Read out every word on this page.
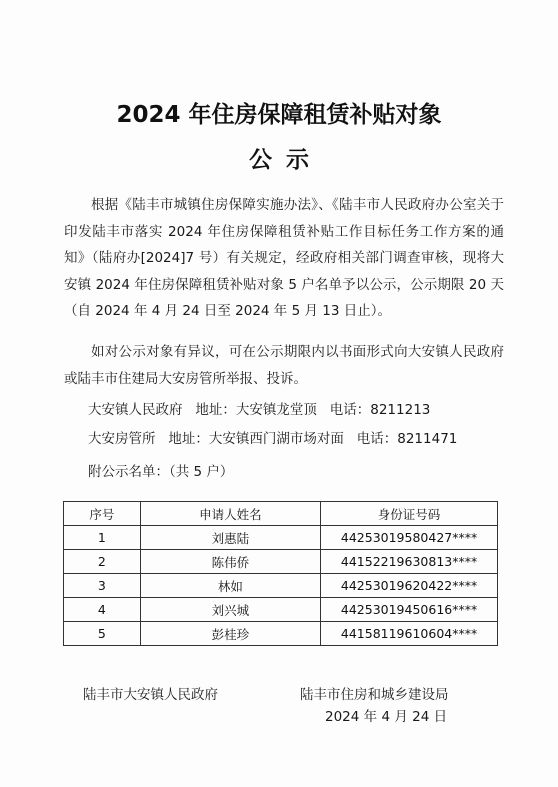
2024 年住房保障租赁补贴对象
公示

根据《陆丰市城镇住房保障实施办法》、《陆丰市人民政府办公室关于印发陆丰市落实 2024 年住房保障租赁补贴工作目标任务工作方案的通知》（陆府办[2024]7 号）有关规定，经政府相关部门调查审核，现将大安镇 2024 年住房保障租赁补贴对象 5 户名单予以公示，公示期限 20 天（自 2024 年 4 月 24 日至 2024 年 5 月 13 日止）。

如对公示对象有异议，可在公示期限内以书面形式向大安镇人民政府或陆丰市住建局大安房管所举报、投诉。

大安镇人民政府   地址：大安镇龙堂顶   电话：8211213
大安房管所   地址：大安镇西门湖市场对面   电话：8211471
附公示名单：（共 5 户）
序号	申请人姓名	身份证号码
1	刘惠陆	44253019580427****
2	陈伟侨	44152219630813****
3	林如	44253019620422****
4	刘兴城	44253019450616****
5	彭桂珍	44158119610604****
陆丰市大安镇人民政府	陆丰市住房和城乡建设局
2024 年 4 月 24 日
